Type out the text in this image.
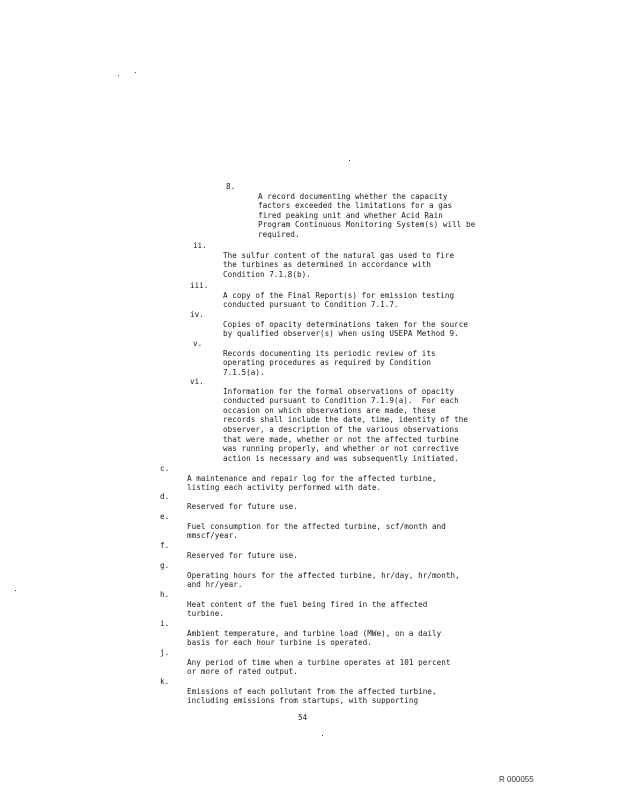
8.

A record documenting whether the capacity
factors exceeded the limitations for a gas
fired peaking unit and whether Acid Rain
Program Continuous Monitoring System(s) will be
required.
ii.

The sulfur content of the natural gas used to fire
the turbines as determined in accordance with
Condition 7.1.8(b).
iii.

A copy of the Final Report(s) for emission testing
conducted pursuant to Condition 7.1.7.
iv.

Copies of opacity determinations taken for the source
by qualified observer(s) when using USEPA Method 9.
v.

Records documenting its periodic review of its
operating procedures as required by Condition
7.1.5(a).
vi.

Information for the formal observations of opacity
conducted pursuant to Condition 7.1.9(a).  For each
occasion on which observations are made, these
records shall include the date, time, identity of the
observer, a description of the various observations
that were made, whether or not the affected turbine
was running properly, and whether or not corrective
action is necessary and was subsequently initiated.
c.

A maintenance and repair log for the affected turbine,
listing each activity performed with date.
d.

Reserved for future use.
e.

Fuel consumption for the affected turbine, scf/month and
mmscf/year.
f.

Reserved for future use.
g.

Operating hours for the affected turbine, hr/day, hr/month,
and hr/year.
h.

Heat content of the fuel being fired in the affected
turbine.
i.

Ambient temperature, and turbine load (MWe), on a daily
basis for each hour turbine is operated.
j.

Any period of time when a turbine operates at 101 percent
or more of rated output.
k.

Emissions of each pollutant from the affected turbine,
including emissions from startups, with supporting
54
R 000055
